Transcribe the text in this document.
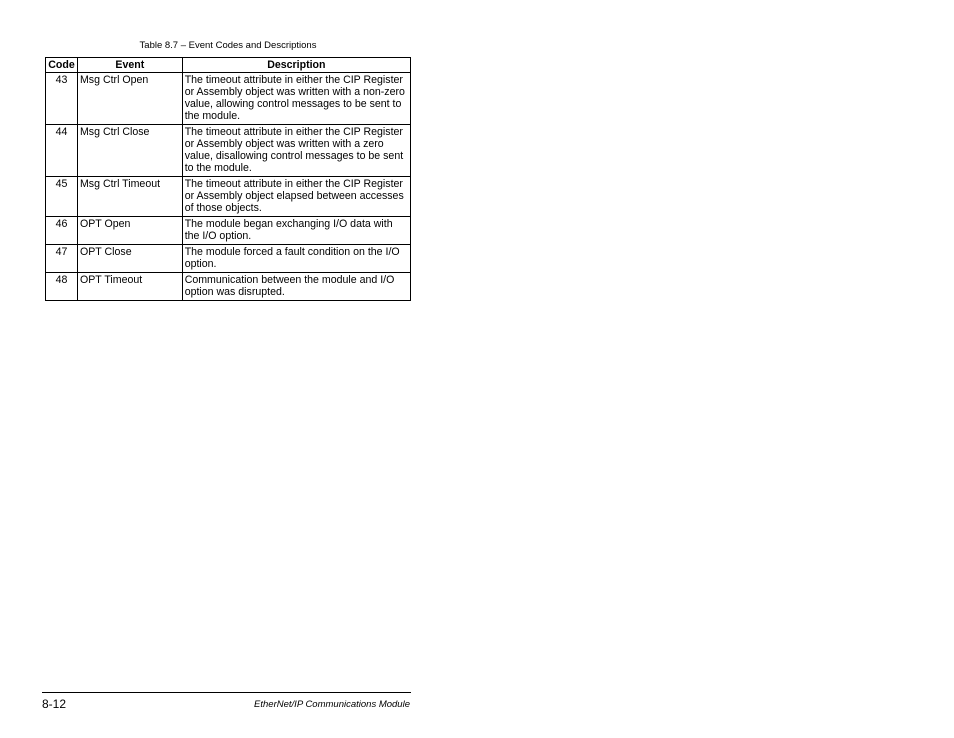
Table 8.7 – Event Codes and Descriptions
Code	Event	Description
43	Msg Ctrl Open	The timeout attribute in either the CIP Register or Assembly object was written with a non-zero value, allowing control messages to be sent to the module.
44	Msg Ctrl Close	The timeout attribute in either the CIP Register or Assembly object was written with a zero value, disallowing control messages to be sent to the module.
45	Msg Ctrl Timeout	The timeout attribute in either the CIP Register or Assembly object elapsed between accesses of those objects.
46	OPT Open	The module began exchanging I/O data with the I/O option.
47	OPT Close	The module forced a fault condition on the I/O option.
48	OPT Timeout	Communication between the module and I/O option was disrupted.
8-12	EtherNet/IP Communications Module
